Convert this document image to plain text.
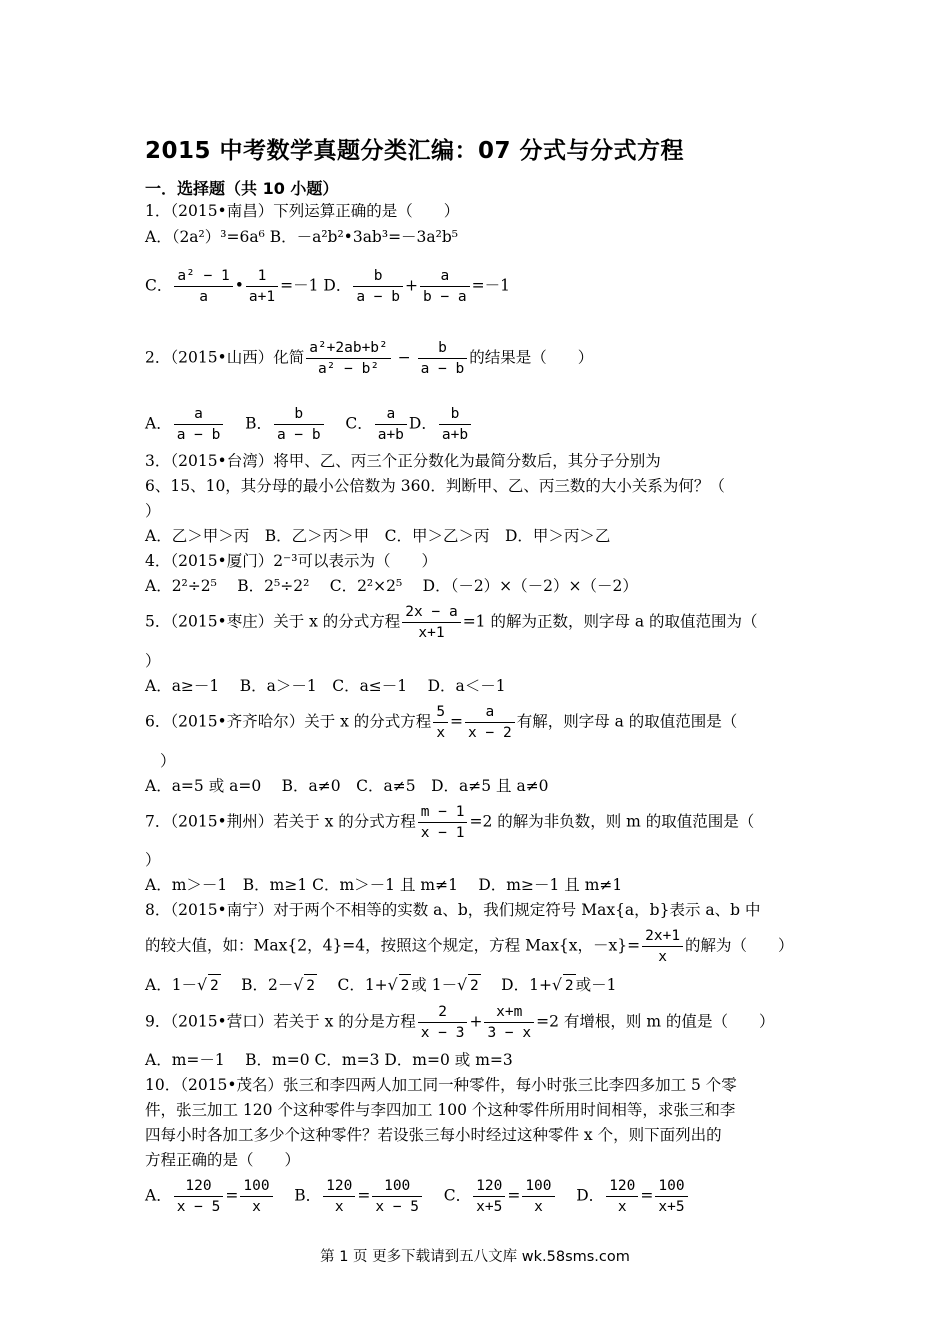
2015 中考数学真题分类汇编：07 分式与分式方程
一．选择题（共 10 小题）
1．（2015•南昌）下列运算正确的是（　　）
A．（2a²）³=6a⁶ B．－a²b²•3ab³=－3a²b⁵
C． $\frac{\text{a² − 1}}{a}$ • $\frac{1}{a+1} =-1$ D． $\frac{b}{a - b} + \frac{a}{b - a} =-1$
2．（2015•山西）化简 $\frac{\text{a²+2ab+b²}}{\text{a² − b²}} - \frac{b}{a - b}$ 的结果是（　　）
A． $\frac{a}{a - b}$ B． $\frac{b}{a - b}$ C． $\frac{a}{a+b}$ D． $\frac{b}{a+b}$
3．（2015•台湾）将甲、乙、丙三个正分数化为最简分数后，其分子分别为
6、15、10，其分母的最小公倍数为 360．判断甲、乙、丙三数的大小关系为何？（
）
A．乙＞甲＞丙　B．乙＞丙＞甲　C．甲＞乙＞丙　D．甲＞丙＞乙
4．（2015•厦门）2⁻³可以表示为（　　）
A．2²÷2⁵　 B．2⁵÷2²　 C．2²×2⁵　 D．（－2）×（－2）×（－2）
5．（2015•枣庄）关于 x 的分式方程 $\frac{2x - a}{x+1} =1$ 的解为正数，则字母 a 的取值范围为（
）
A．a≥－1　 B．a＞－1　C．a≤－1　 D．a＜－1
6．（2015•齐齐哈尔）关于 x 的分式方程 $\frac{5}{x} = \frac{a}{x - 2}$ 有解，则字母 a 的取值范围是（
）
A．a=5 或 a=0　 B．a≠0　C．a≠5　D．a≠5 且 a≠0
7．（2015•荆州）若关于 x 的分式方程 $\frac{m - 1}{x - 1} =2$ 的解为非负数，则 m 的取值范围是（
）
A．m＞－1　B．m≥1 C．m＞－1 且 m≠1　 D．m≥－1 且 m≠1
8．（2015•南宁）对于两个不相等的实数 a、b，我们规定符号 Max{a，b}表示 a、b 中
的较大值，如：Max{2，4}=4，按照这个规定，方程 Max{x，$-x\}= \frac{2x+1}{x}$ 的解为（　　）
A．1－√ 2 　B．2－√ 2 　C．1+√ 2 或 1－√ 2 　D．1+√ 2 或－1
9．（2015•营口）若关于 x 的分是方程 $\frac{2}{x - 3} + \frac{x+m}{3 - x} =2$ 有增根，则 m 的值是（　　）
A．m=－1　 B．m=0 C．m=3 D．m=0 或 m=3
10．（2015•茂名）张三和李四两人加工同一种零件，每小时张三比李四多加工 5 个零
件，张三加工 120 个这种零件与李四加工 100 个这种零件所用时间相等，求张三和李
四每小时各加工多少个这种零件？若设张三每小时经过这种零件 x 个，则下面列出的
方程正确的是（　　）
A． $\frac{120}{x - 5} = \frac{100}{x}$ B． $\frac{120}{x} = \frac{100}{x - 5}$ C． $\frac{120}{x+5} = \frac{100}{x}$ D． $\frac{120}{x} = \frac{100}{x+5}$
第 1 页 更多下载请到五八文库 wk.58sms.com
